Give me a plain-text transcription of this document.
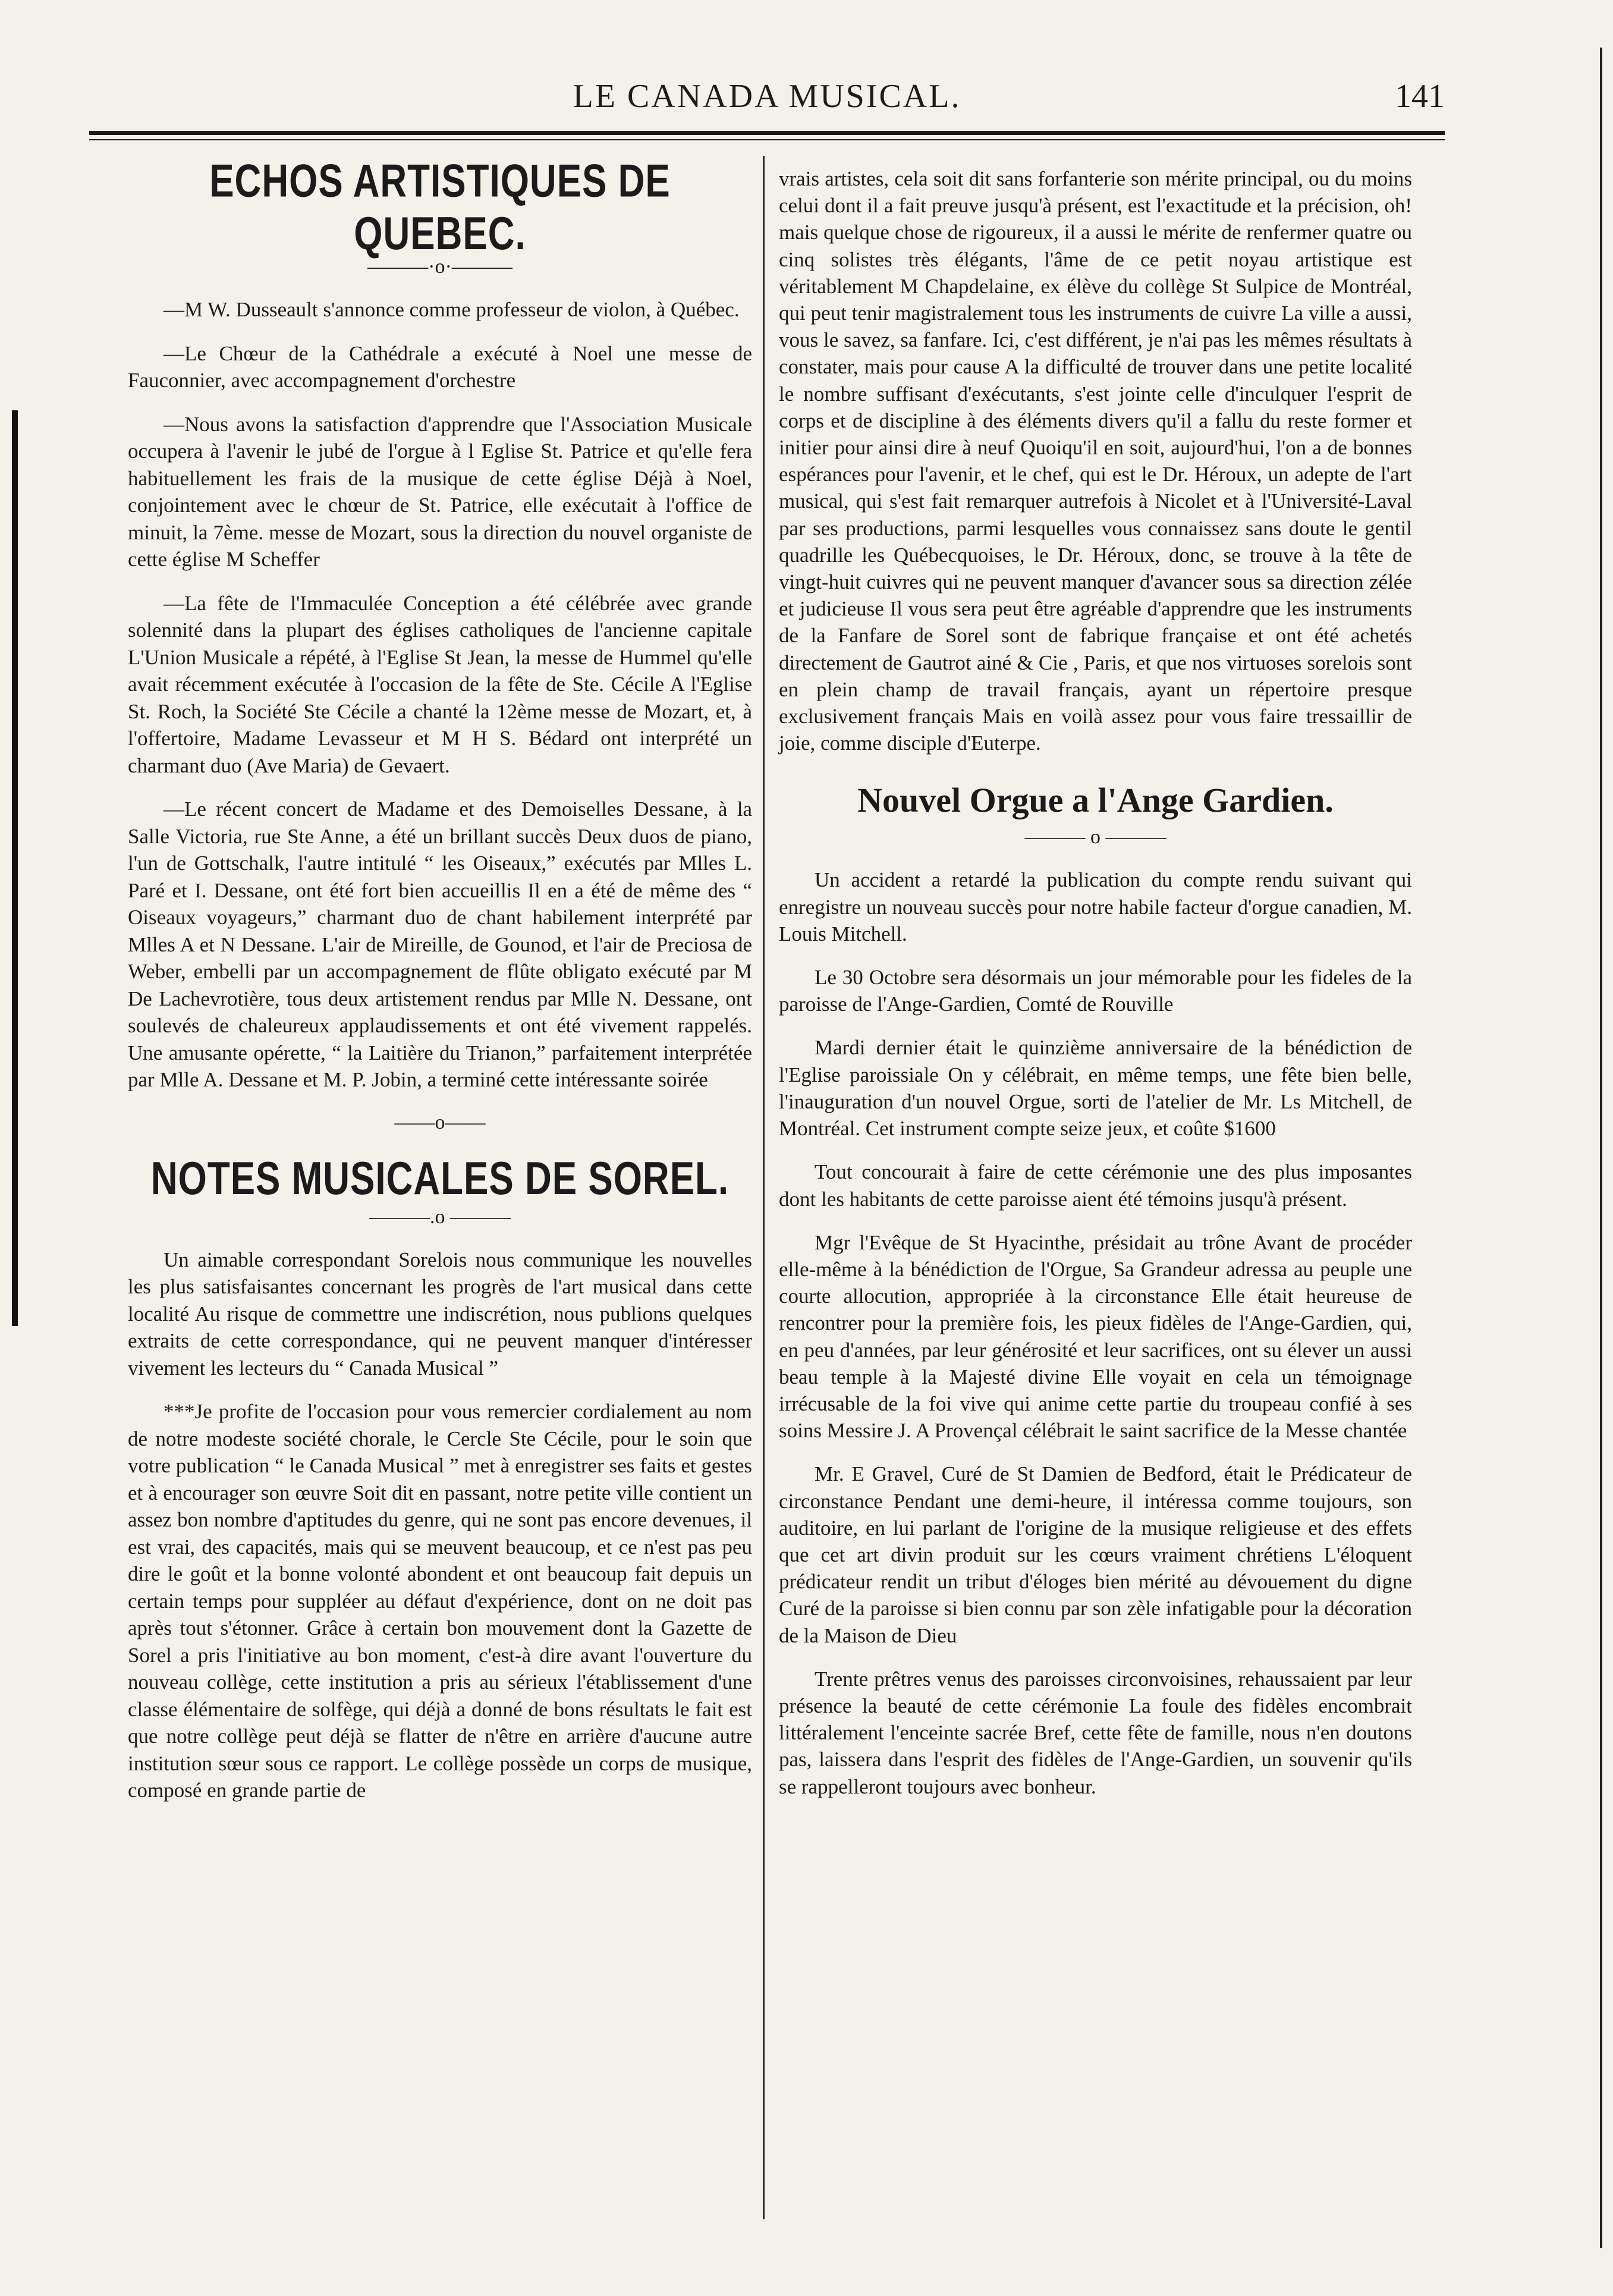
LE CANADA MUSICAL.	141
ECHOS ARTISTIQUES DE QUEBEC.
———·o·———

—M W. Dusseault s'annonce comme professeur de violon, à Québec.

—Le Chœur de la Cathédrale a exécuté à Noel une messe de Fauconnier, avec accompagnement d'orchestre

—Nous avons la satisfaction d'apprendre que l'Association Musicale occupera à l'avenir le jubé de l'orgue à l Eglise St. Patrice et qu'elle fera habituellement les frais de la musique de cette église Déjà à Noel, conjointement avec le chœur de St. Patrice, elle exécutait à l'office de minuit, la 7ème. messe de Mozart, sous la direction du nouvel organiste de cette église M Scheffer

—La fête de l'Immaculée Conception a été célébrée avec grande solennité dans la plupart des églises catholiques de l'ancienne capitale L'Union Musicale a répété, à l'Eglise St Jean, la messe de Hummel qu'elle avait récemment exécutée à l'occasion de la fête de Ste. Cécile A l'Eglise St. Roch, la Société Ste Cécile a chanté la 12ème messe de Mozart, et, à l'offertoire, Madame Levasseur et M H S. Bédard ont interprété un charmant duo (Ave Maria) de Gevaert.

—Le récent concert de Madame et des Demoiselles Dessane, à la Salle Victoria, rue Ste Anne, a été un brillant succès Deux duos de piano, l'un de Gottschalk, l'autre intitulé “ les Oiseaux,” exécutés par Mlles L. Paré et I. Dessane, ont été fort bien accueillis Il en a été de même des “ Oiseaux voyageurs,” charmant duo de chant habilement interprété par Mlles A et N Dessane. L'air de Mireille, de Gounod, et l'air de Preciosa de Weber, embelli par un accompagnement de flûte obligato exécuté par M De Lachevrotière, tous deux artistement rendus par Mlle N. Dessane, ont soulevés de chaleureux applaudissements et ont été vivement rappelés. Une amusante opérette, “ la Laitière du Trianon,” parfaitement interprétée par Mlle A. Dessane et M. P. Jobin, a terminé cette intéressante soirée

——o——
NOTES MUSICALES DE SOREL.
———.o ———

Un aimable correspondant Sorelois nous communique les nouvelles les plus satisfaisantes concernant les progrès de l'art musical dans cette localité Au risque de commettre une indiscrétion, nous publions quelques extraits de cette correspondance, qui ne peuvent manquer d'intéresser vivement les lecteurs du “ Canada Musical ”

***Je profite de l'occasion pour vous remercier cordialement au nom de notre modeste société chorale, le Cercle Ste Cécile, pour le soin que votre publication “ le Canada Musical ” met à enregistrer ses faits et gestes et à encourager son œuvre Soit dit en passant, notre petite ville contient un assez bon nombre d'aptitudes du genre, qui ne sont pas encore devenues, il est vrai, des capacités, mais qui se meuvent beaucoup, et ce n'est pas peu dire le goût et la bonne volonté abondent et ont beaucoup fait depuis un certain temps pour suppléer au défaut d'expérience, dont on ne doit pas après tout s'étonner. Grâce à certain bon mouvement dont la Gazette de Sorel a pris l'initiative au bon moment, c'est-à dire avant l'ouverture du nouveau collège, cette institution a pris au sérieux l'établissement d'une classe élémentaire de solfège, qui déjà a donné de bons résultats le fait est que notre collège peut déjà se flatter de n'être en arrière d'aucune autre institution sœur sous ce rapport. Le collège possède un corps de musique, composé en grande partie de

vrais artistes, cela soit dit sans forfanterie son mérite principal, ou du moins celui dont il a fait preuve jusqu'à présent, est l'exactitude et la précision, oh! mais quelque chose de rigoureux, il a aussi le mérite de renfermer quatre ou cinq solistes très élégants, l'âme de ce petit noyau artistique est véritablement M Chapdelaine, ex élève du collège St Sulpice de Montréal, qui peut tenir magistralement tous les instruments de cuivre La ville a aussi, vous le savez, sa fanfare. Ici, c'est différent, je n'ai pas les mêmes résultats à constater, mais pour cause A la difficulté de trouver dans une petite localité le nombre suffisant d'exécutants, s'est jointe celle d'inculquer l'esprit de corps et de discipline à des éléments divers qu'il a fallu du reste former et initier pour ainsi dire à neuf Quoiqu'il en soit, aujourd'hui, l'on a de bonnes espérances pour l'avenir, et le chef, qui est le Dr. Héroux, un adepte de l'art musical, qui s'est fait remarquer autrefois à Nicolet et à l'Université-Laval par ses productions, parmi lesquelles vous connaissez sans doute le gentil quadrille les Québecquoises, le Dr. Héroux, donc, se trouve à la tête de vingt-huit cuivres qui ne peuvent manquer d'avancer sous sa direction zélée et judicieuse Il vous sera peut être agréable d'apprendre que les instruments de la Fanfare de Sorel sont de fabrique française et ont été achetés directement de Gautrot ainé & Cie , Paris, et que nos virtuoses sorelois sont en plein champ de travail français, ayant un répertoire presque exclusivement français Mais en voilà assez pour vous faire tressaillir de joie, comme disciple d'Euterpe.

Nouvel Orgue a l'Ange Gardien.
——— o ———

Un accident a retardé la publication du compte rendu suivant qui enregistre un nouveau succès pour notre habile facteur d'orgue canadien, M. Louis Mitchell.

Le 30 Octobre sera désormais un jour mémorable pour les fideles de la paroisse de l'Ange-Gardien, Comté de Rouville

Mardi dernier était le quinzième anniversaire de la bénédiction de l'Eglise paroissiale On y célébrait, en même temps, une fête bien belle, l'inauguration d'un nouvel Orgue, sorti de l'atelier de Mr. Ls Mitchell, de Montréal. Cet instrument compte seize jeux, et coûte $1600

Tout concourait à faire de cette cérémonie une des plus imposantes dont les habitants de cette paroisse aient été témoins jusqu'à présent.

Mgr l'Evêque de St Hyacinthe, présidait au trône Avant de procéder elle-même à la bénédiction de l'Orgue, Sa Grandeur adressa au peuple une courte allocution, appropriée à la circonstance Elle était heureuse de rencontrer pour la première fois, les pieux fidèles de l'Ange-Gardien, qui, en peu d'années, par leur générosité et leur sacrifices, ont su élever un aussi beau temple à la Majesté divine Elle voyait en cela un témoignage irrécusable de la foi vive qui anime cette partie du troupeau confié à ses soins Messire J. A Provençal célébrait le saint sacrifice de la Messe chantée

Mr. E Gravel, Curé de St Damien de Bedford, était le Prédicateur de circonstance Pendant une demi-heure, il intéressa comme toujours, son auditoire, en lui parlant de l'origine de la musique religieuse et des effets que cet art divin produit sur les cœurs vraiment chrétiens L'éloquent prédicateur rendit un tribut d'éloges bien mérité au dévouement du digne Curé de la paroisse si bien connu par son zèle infatigable pour la décoration de la Maison de Dieu

Trente prêtres venus des paroisses circonvoisines, rehaussaient par leur présence la beauté de cette cérémonie La foule des fidèles encombrait littéralement l'enceinte sacrée Bref, cette fête de famille, nous n'en doutons pas, laissera dans l'esprit des fidèles de l'Ange-Gardien, un souvenir qu'ils se rappelleront toujours avec bonheur.
